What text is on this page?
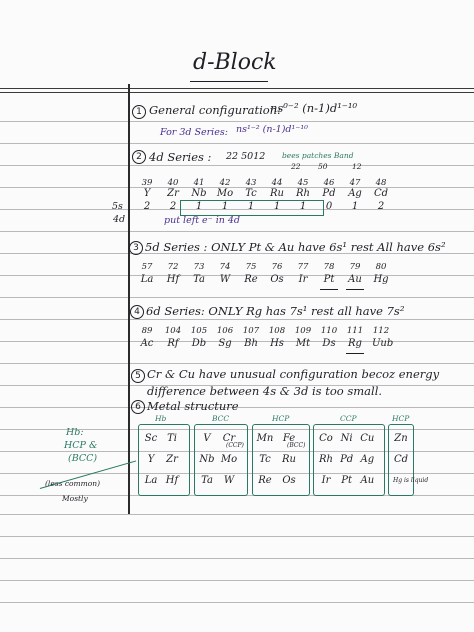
d-Block
1 General configuration:
ns⁰⁻² (n-1)d¹⁻¹⁰
For 3d Series: ns¹⁻² (n-1)d¹⁻¹⁰
2 4d Series : 22 5012 bees patches Band
22 50	12
39	40	41	42	43	44	45	46	47	48
Y	Zr	Nb Mo	Tc	Ru Rh Pd Ag Cd
2	2	1	1	1	1	1	0	1	2
5s
4d	put left e⁻ in 4d
3 5d Series : ONLY Pt & Au have 6s¹ rest All have 6s²
57	72	73	74	75	76	77	78	79	80
La Hf	Ta	W	Re Os	Ir	Pt	Au Hg
4 6d Series: ONLY Rg has 7s¹ rest all have 7s²
89	104 105 106 107 108 109 110 111 112
Ac	Rf	Db Sg Bh Hs Mt Ds Rg Uub
5 Cr & Cu have unusual configuration becoz energy
difference between 4s & 3d is too small.
6 Metal structure
Hb
Sc Ti
Y	Zr
La Hf
BCC
V	Cr
Nb Mo
Ta	W
HCP
Mn Fe
Tc	Ru
Re Os
CCP
Co Ni Cu
Rh Pd Ag
Ir	Pt Au
HCP
Zn
Cd
(CCP)	(BCC)
Hg is liquid
Hb:
HCP &
(BCC)
(less common)
Mostly
